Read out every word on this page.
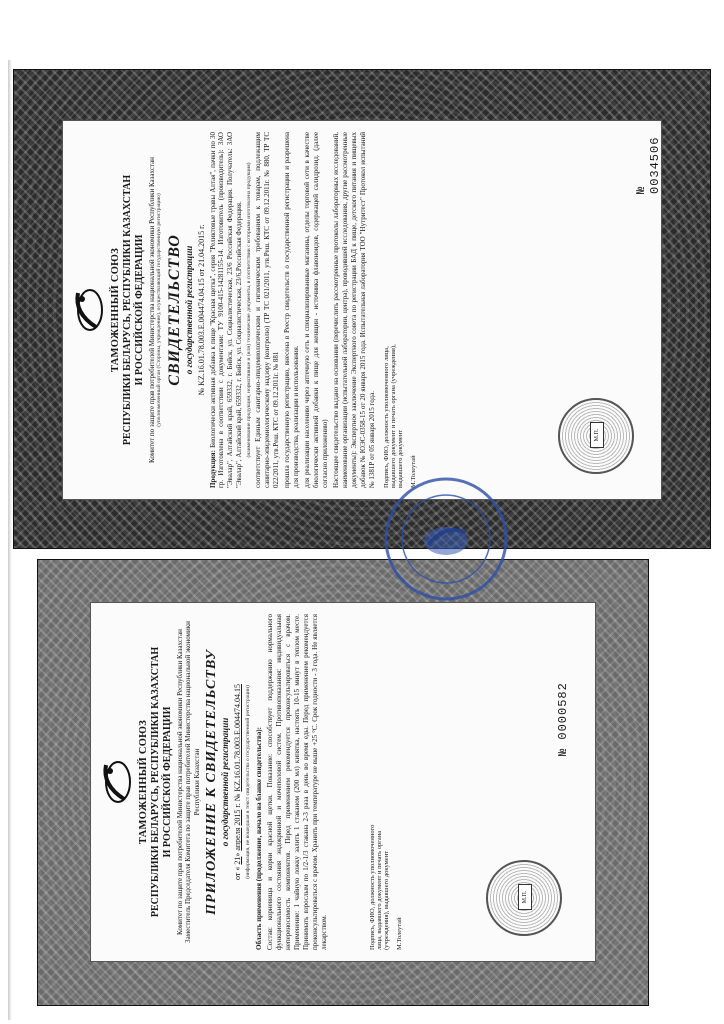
ТАМОЖЕННЫЙ СОЮЗ РЕСПУБЛИКИ БЕЛАРУСЬ, РЕСПУБЛИКИ КАЗАХСТАН И РОССИЙСКОЙ ФЕДЕРАЦИИ Комитет по защите прав потребителей Министерства национальной экономики Республики Казахстан (уполномоченный орган (Стороны, учреждение), осуществляющий государственную регистрацию) СВИДЕТЕЛЬСТВО о государственной регистрации № KZ.16.01.78.003.Е.004474.04.15 от 21.04.2015 г.

Продукция: Биологически активная добавка к пище "Красная щетка", серия "Реликтовые травы Алтая", пачки по 30 гр. Изготовлена в соответствии с документами: ТУ 9100-415-14281155-14. Изготовитель (производитель): ЗАО "Эвалар", Алтайский край, 659332, г. Бийск, ул. Социалистическая, 23/6 Российская Федерация. Получатель: ЗАО "Эвалар", Алтайский край, 659332, г. Бийск, ул. Социалистическая, 23/6,Российская Федерация. (наименование продукции, нормативные и (или) технические документы, в соответствии с которыми изготовлена продукция) соответствует Единым санитарно-эпидемиологическим и гигиеническим требованиям к товарам, подлежащим санитарно-эпидемиологическому надзору (контролю) (ТР ТС 021/2011, утв.Реш. КТС от 09.12.2011г. № 880, ТР ТС 022/2011, утв.Реш. КТС от 09.12.2011г. № 881 прошла государственную регистрацию, внесена в Реестр свидетельств о государственной регистрации и разрешена для производства, реализации и использования. для реализации населению через аптечную сеть и специализированные магазины, отделы торговой сети в качестве биологически активной добавки к пище для женщин - источника флавоноидов, содержащей салидрозид. (далее согласно приложению) Настоящее свидетельство выдано на основании (перечислить рассмотренные протоколы лабораторных исследований, наименование организации (испытательной лаборатории, центра), проводившей исследования, другие рассмотренные документы): Экспертное заключение Экспертного совета по регистрации БАД к пище, детского питания и пищевых добавок № ЮЭС-0358-15 от 20 января 2015 года. Испытательная лаборатория ТОО "Нутритест" Протокол испытаний № 1381Р от 05 января 2015 года. Подпись, ФИО, должность уполномоченного лица, выдавшего документ и печать органа (учреждения), выдавшего документ М.Толеутай
№ 0034506
М.П.
ТАМОЖЕННЫЙ СОЮЗ РЕСПУБЛИКИ БЕЛАРУСЬ, РЕСПУБЛИКИ КАЗАХСТАН И РОССИЙСКОЙ ФЕДЕРАЦИИ Комитет по защите прав потребителей Министерства национальной экономики Республики Казахстан Заместитель Председателя Комитета по защите прав потребителей Министерства национальной экономики Республики Казахстан ПРИЛОЖЕНИЕ К СВИДЕТЕЛЬСТВУ о государственной регистрации
от « 21» апреля 2015 г. № KZ.16.01.78.003.Е.004474.04.15 (информация, не вошедшая в текст свидетельства о государственной регистрации) Область применения (продолжение, начало на бланке свидетельства): Состав: корневища и корни красной щетки. Показание: способствует поддержанию нормального функционального состояния эндокринной и мочеполовой систем. Противопоказания: индивидуальная непереносимость компонентов. Перед применением рекомендуется проконсультироваться с врачом. Применение: 1 чайную ложку залить 1 стаканом (200 мл) кипятка, настоять 10-15 минут в теплом месте. Принимать взрослым по 1/2-1/3 стакана 2-3 раза в день во время еды. Перед применением рекомендуется проконсультироваться с врачом. Хранить при температуре не выше +25 °С. Срок годности - 3 года. Не является лекарством.	Подпись, ФИО, должность уполномоченного лица, выдавшего документ и печать органа (учреждения), выдавшего документ М.Толеутай
№ 0000582
М.П.
